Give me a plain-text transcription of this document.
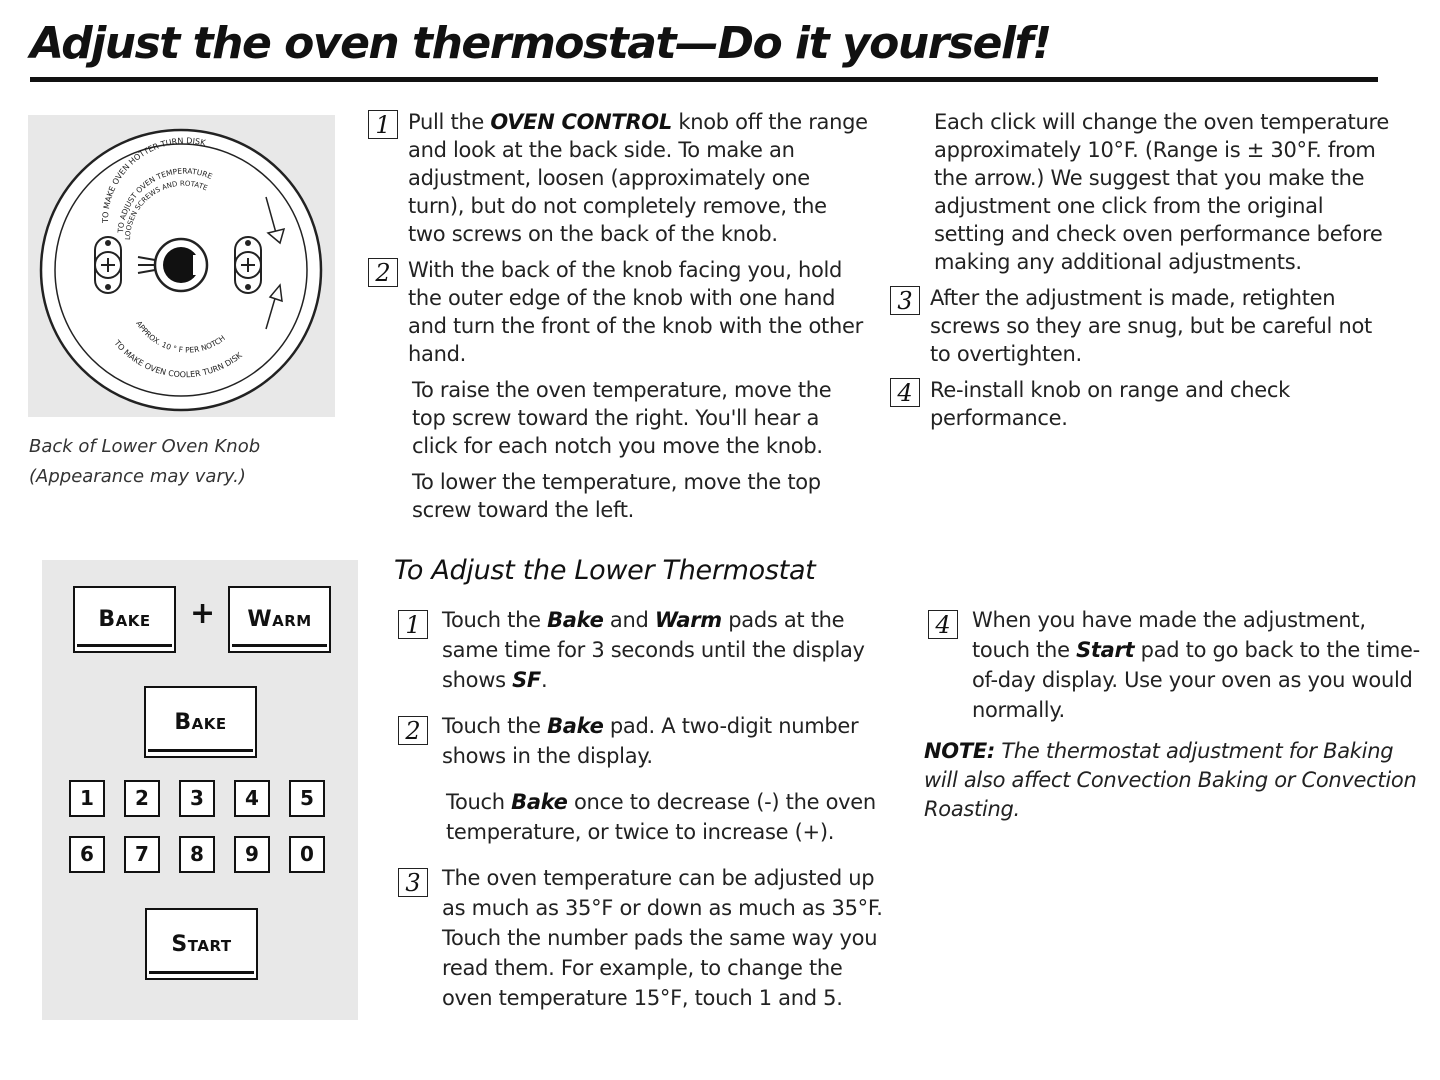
Adjust the oven thermostat—Do it yourself!
TO MAKE OVEN HOTTER TURN DISK
TO ADJUST OVEN TEMPERATURE
LOOSEN SCREWS AND ROTATE
APPROX. 10 ° F PER NOTCH
TO MAKE OVEN COOLER TURN DISK
Back of Lower Oven Knob
(Appearance may vary.)
1 Pull the OVEN CONTROL knob off the range and look at the back side. To make an adjustment, loosen (approximately one turn), but do not completely remove, the two screws on the back of the knob.
2 With the back of the knob facing you, hold the outer edge of the knob with one hand and turn the front of the knob with the other hand.
To raise the oven temperature, move the top screw toward the right. You'll hear a click for each notch you move the knob.
To lower the temperature, move the top screw toward the left.
Each click will change the oven temperature approximately 10°F. (Range is ± 30°F. from the arrow.) We suggest that you make the adjustment one click from the original setting and check oven performance before making any additional adjustments.
3 After the adjustment is made, retighten screws so they are snug, but be careful not to overtighten.
4 Re-install knob on range and check performance.
To Adjust the Lower Thermostat
Bake	+	Warm
Bake
1	2	3	4	5
6	7	8	9	0
Start
1	Touch the Bake and Warm pads at the same time for 3 seconds until the display shows SF.
2	Touch the Bake pad. A two-digit number shows in the display.
Touch Bake once to decrease (-) the oven temperature, or twice to increase (+).
3	The oven temperature can be adjusted up as much as 35°F or down as much as 35°F. Touch the number pads the same way you read them. For example, to change the oven temperature 15°F, touch 1 and 5.
4	When you have made the adjustment, touch the Start pad to go back to the time-of-day display. Use your oven as you would normally.
NOTE: The thermostat adjustment for Baking will also affect Convection Baking or Convection Roasting.
